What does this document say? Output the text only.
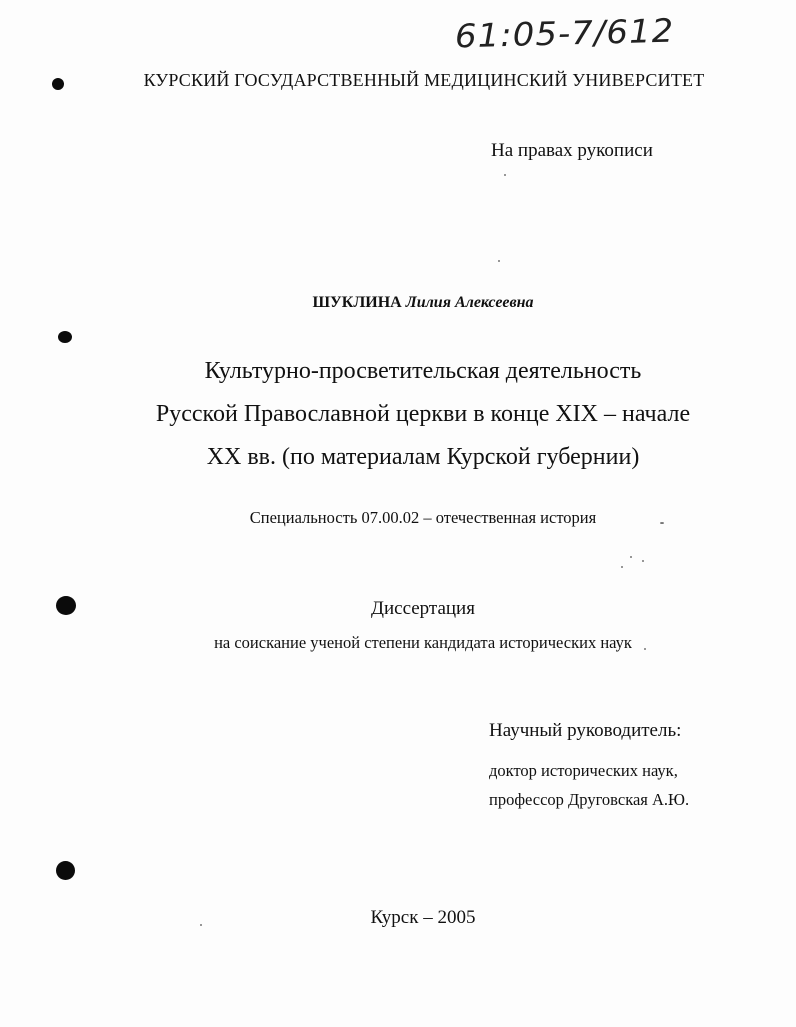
61:05-7/612
КУРСКИЙ ГОСУДАРСТВЕННЫЙ МЕДИЦИНСКИЙ УНИВЕРСИТЕТ
На правах рукописи
ШУКЛИНА Лилия Алексеевна
Культурно-просветительская деятельность
Русской Православной церкви в конце XIX – начале
XX вв. (по материалам Курской губернии)
Специальность 07.00.02 – отечественная история
Диссертация
на соискание ученой степени кандидата исторических наук
Научный руководитель:
доктор исторических наук,
профессор Друговская А.Ю.
Курск – 2005
